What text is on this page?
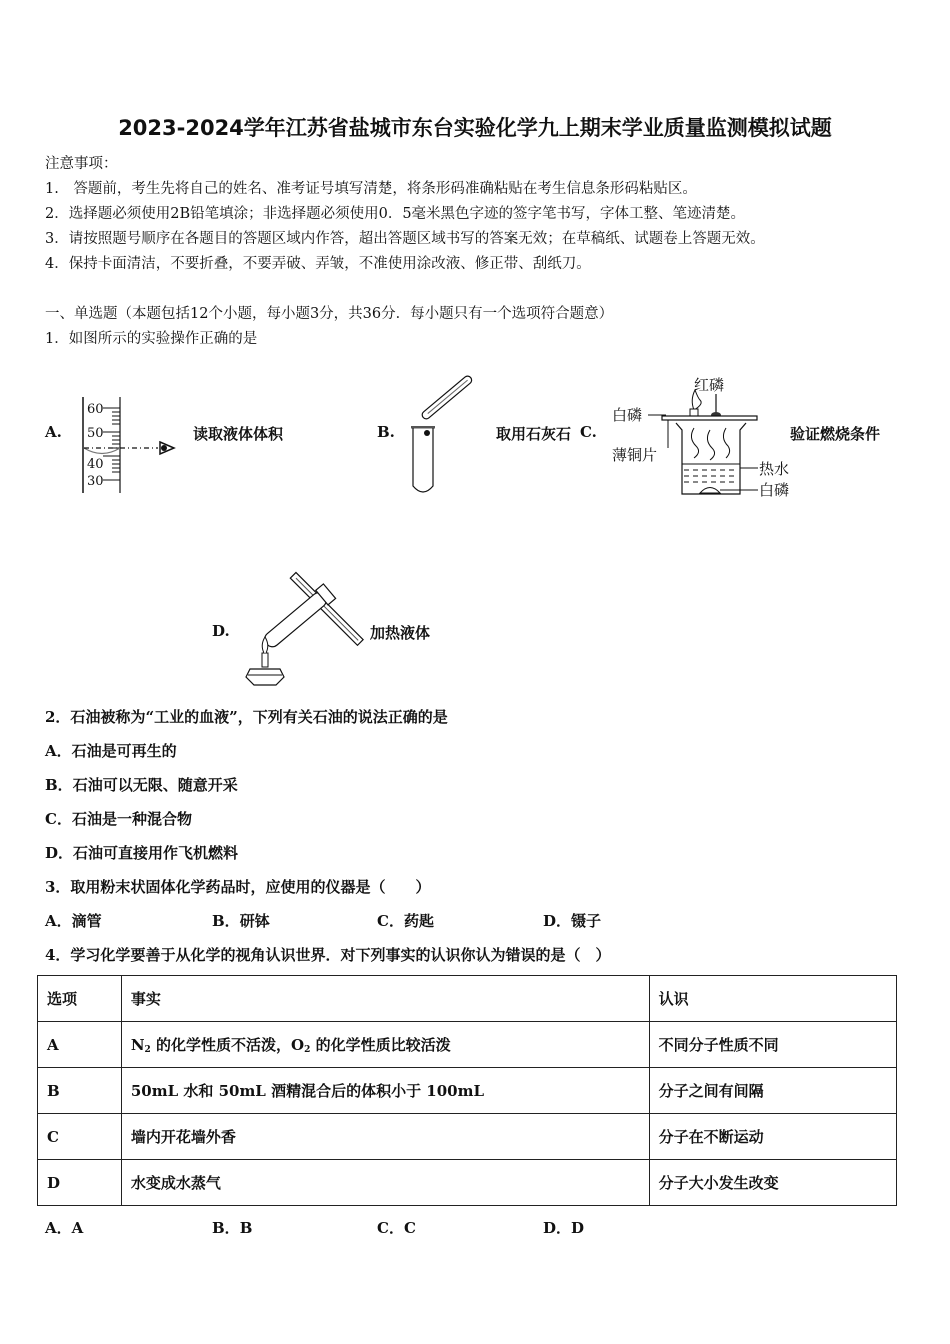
2023-2024学年江苏省盐城市东台实验化学九上期末学业质量监测模拟试题
注意事项：
1.　答题前，考生先将自己的姓名、准考证号填写清楚，将条形码准确粘贴在考生信息条形码粘贴区。
2．选择题必须使用2B铅笔填涂；非选择题必须使用0．5毫米黑色字迹的签字笔书写，字体工整、笔迹清楚。
3．请按照题号顺序在各题目的答题区域内作答，超出答题区域书写的答案无效；在草稿纸、试题卷上答题无效。
4．保持卡面清洁，不要折叠，不要弄破、弄皱，不准使用涂改液、修正带、刮纸刀。
一、单选题（本题包括12个小题，每小题3分，共36分．每小题只有一个选项符合题意）
1．如图所示的实验操作正确的是
A.
60
50
40
30
读取液体体积	B.	取用石灰石 C.
红磷
白磷
薄铜片
热水
白磷
验证燃烧条件
D.	加热液体
2．石油被称为“工业的血液”，下列有关石油的说法正确的是
A．石油是可再生的
B．石油可以无限、随意开采
C．石油是一种混合物
D．石油可直接用作飞机燃料
3．取用粉末状固体化学药品时，应使用的仪器是（　　）
A．滴管	B．研钵	C．药匙	D．镊子
4．学习化学要善于从化学的视角认识世界．对下列事实的认识你认为错误的是（　）
选项	事实	认识
A	$N_2$ 的化学性质不活泼，$O_2$ 的化学性质比较活泼	不同分子性质不同
B	50mL 水和 50mL 酒精混合后的体积小于 100mL	分子之间有间隔
C	墙内开花墙外香	分子在不断运动
D	水变成水蒸气	分子大小发生改变
A．A	B．B	C．C	D．D
